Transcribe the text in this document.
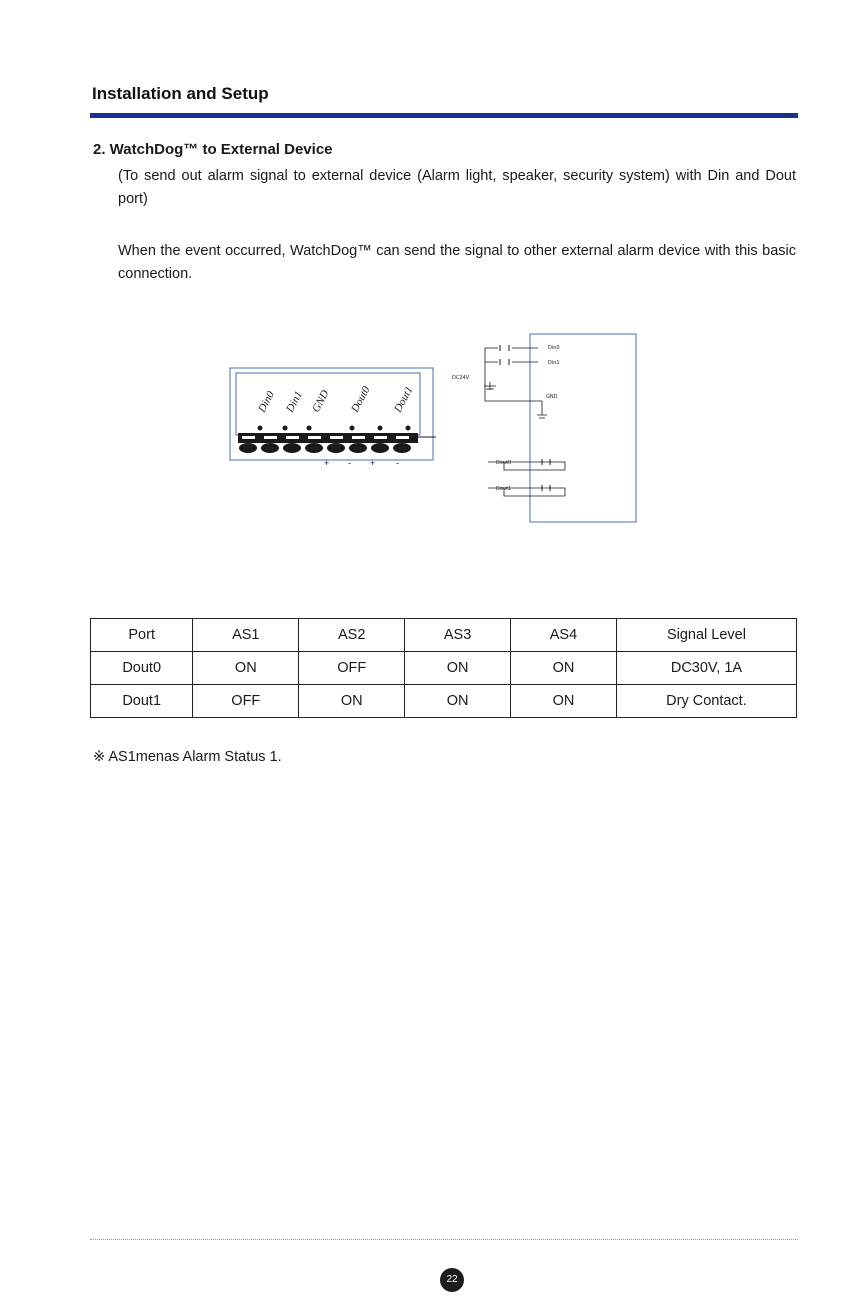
Installation and Setup
2. WatchDog™ to External Device
(To send out alarm signal to external device (Alarm light, speaker, security system) with Din and Dout port)
When the event occurred, WatchDog™ can send the signal to other external alarm device with this basic connection.
Din0 Din1 GND Dout0 Dout1
+ - + -
Din0
Din1
DC24V
GND
Dout0
Dout1
Port	AS1	AS2	AS3	AS4	Signal Level
Dout0	ON	OFF	ON	ON	DC30V, 1A
Dout1	OFF	ON	ON	ON	Dry Contact.
※ AS1menas Alarm Status 1.
22
